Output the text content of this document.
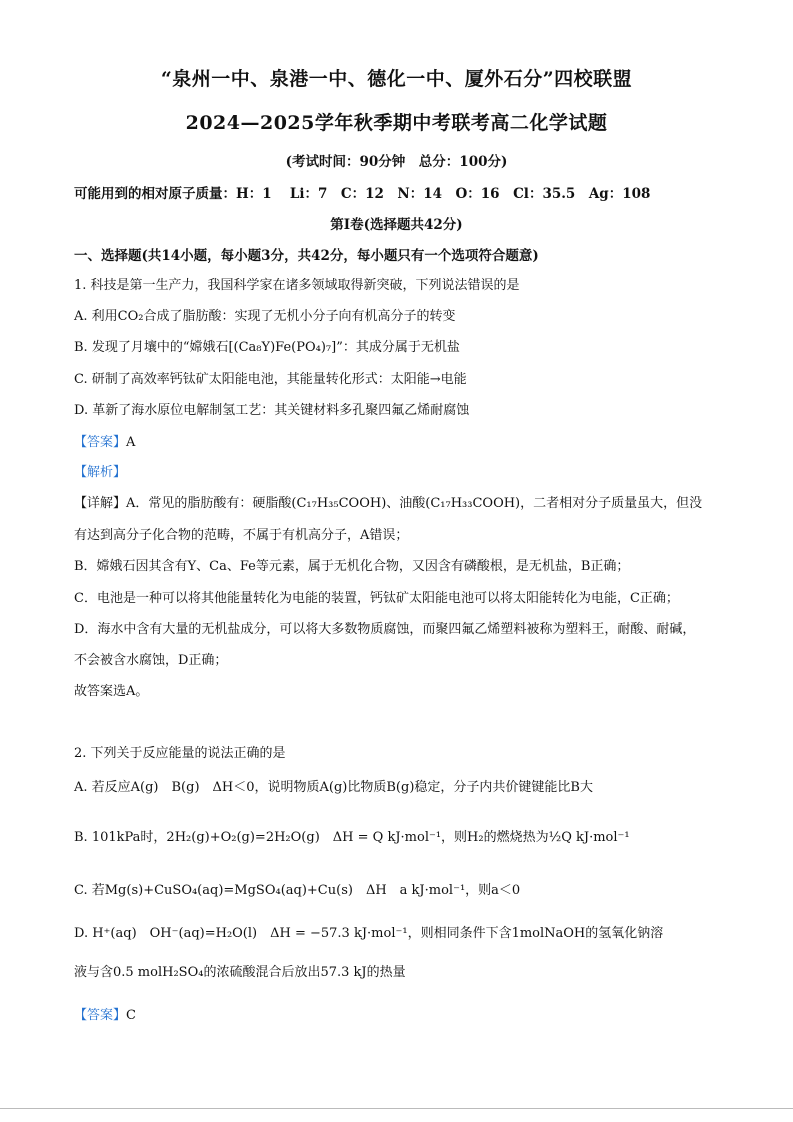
“泉州一中、泉港一中、德化一中、厦外石分”四校联盟
2024—2025学年秋季期中考联考高二化学试题
(考试时间：90分钟　总分：100分)
可能用到的相对原子质量：H：1　 Li：7　C：12　N：14　O：16　Cl：35.5　Ag：108
第Ⅰ卷(选择题共42分)
一、选择题(共14小题，每小题3分，共42分，每小题只有一个选项符合题意)
1. 科技是第一生产力，我国科学家在诸多领域取得新突破，下列说法错误的是
A. 利用CO₂合成了脂肪酸：实现了无机小分子向有机高分子的转变
B. 发现了月壤中的“嫦娥石[(Ca₈Y)Fe(PO₄)₇]”：其成分属于无机盐
C. 研制了高效率钙钛矿太阳能电池，其能量转化形式：太阳能→电能
D. 革新了海水原位电解制氢工艺：其关键材料多孔聚四氟乙烯耐腐蚀
【答案】A
【解析】
【详解】A．常见的脂肪酸有：硬脂酸(C₁₇H₃₅COOH)、油酸(C₁₇H₃₃COOH)，二者相对分子质量虽大，但没
有达到高分子化合物的范畴，不属于有机高分子，A错误；
B．嫦娥石因其含有Y、Ca、Fe等元素，属于无机化合物，又因含有磷酸根，是无机盐，B正确；
C．电池是一种可以将其他能量转化为电能的装置，钙钛矿太阳能电池可以将太阳能转化为电能，C正确；
D．海水中含有大量的无机盐成分，可以将大多数物质腐蚀，而聚四氟乙烯塑料被称为塑料王，耐酸、耐碱，
不会被含水腐蚀，D正确；
故答案选A。
2. 下列关于反应能量的说法正确的是
A. 若反应A(g)　B(g)　ΔH＜0，说明物质A(g)比物质B(g)稳定，分子内共价键键能比B大
B. 101kPa时，2H₂(g)+O₂(g)=2H₂O(g)　ΔH = Q kJ·mol⁻¹，则H₂的燃烧热为½Q kJ·mol⁻¹
C. 若Mg(s)+CuSO₄(aq)=MgSO₄(aq)+Cu(s)　ΔH　a kJ·mol⁻¹，则a＜0
D. H⁺(aq)　OH⁻(aq)=H₂O(l)　ΔH = −57.3 kJ·mol⁻¹，则相同条件下含1molNaOH的氢氧化钠溶
液与含0.5 molH₂SO₄的浓硫酸混合后放出57.3 kJ的热量
【答案】C
